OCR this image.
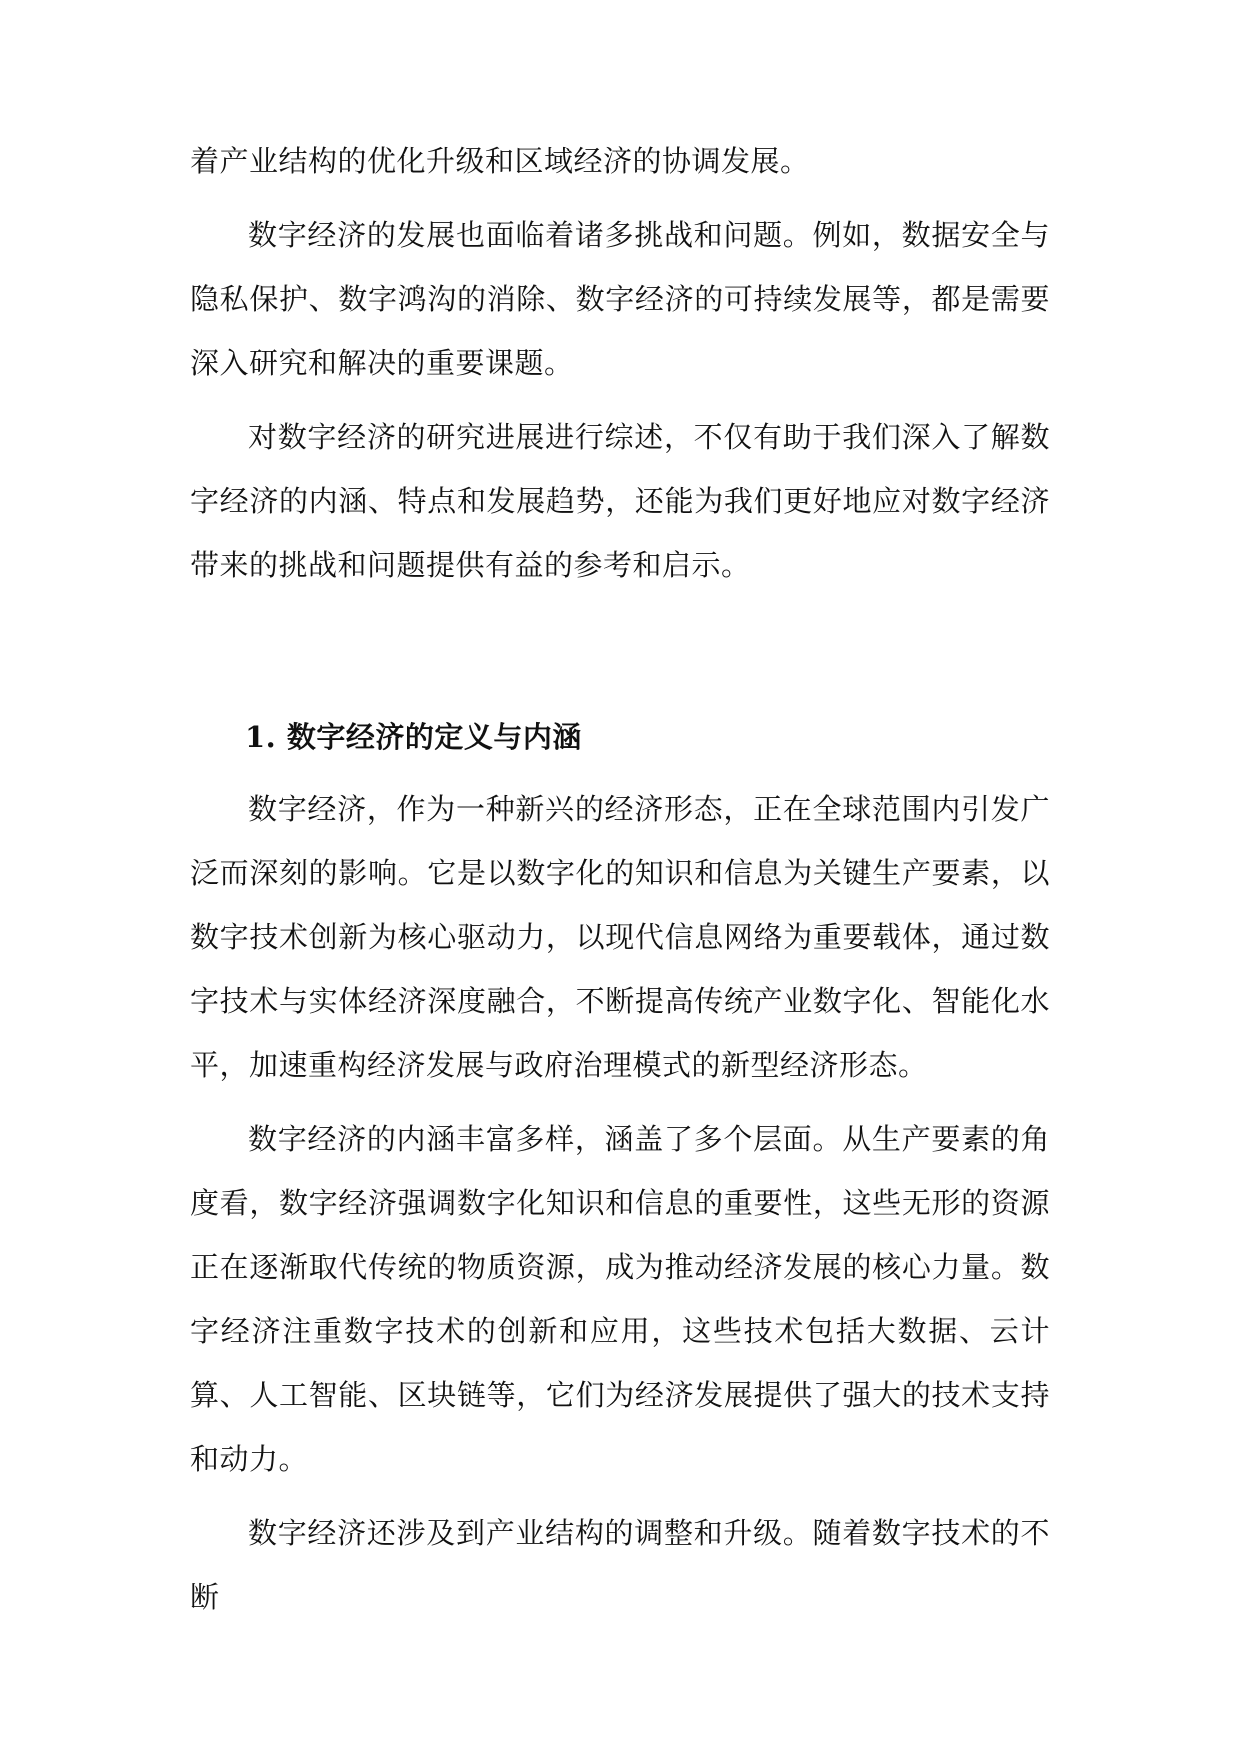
着产业结构的优化升级和区域经济的协调发展。

数字经济的发展也面临着诸多挑战和问题。例如，数据安全与隐私保护、数字鸿沟的消除、数字经济的可持续发展等，都是需要深入研究和解决的重要课题。

对数字经济的研究进展进行综述，不仅有助于我们深入了解数字经济的内涵、特点和发展趋势，还能为我们更好地应对数字经济带来的挑战和问题提供有益的参考和启示。

1. 数字经济的定义与内涵

数字经济，作为一种新兴的经济形态，正在全球范围内引发广泛而深刻的影响。它是以数字化的知识和信息为关键生产要素，以数字技术创新为核心驱动力，以现代信息网络为重要载体，通过数字技术与实体经济深度融合，不断提高传统产业数字化、智能化水平，加速重构经济发展与政府治理模式的新型经济形态。

数字经济的内涵丰富多样，涵盖了多个层面。从生产要素的角度看，数字经济强调数字化知识和信息的重要性，这些无形的资源正在逐渐取代传统的物质资源，成为推动经济发展的核心力量。数字经济注重数字技术的创新和应用，这些技术包括大数据、云计算、人工智能、区块链等，它们为经济发展提供了强大的技术支持和动力。

数字经济还涉及到产业结构的调整和升级。随着数字技术的不断
